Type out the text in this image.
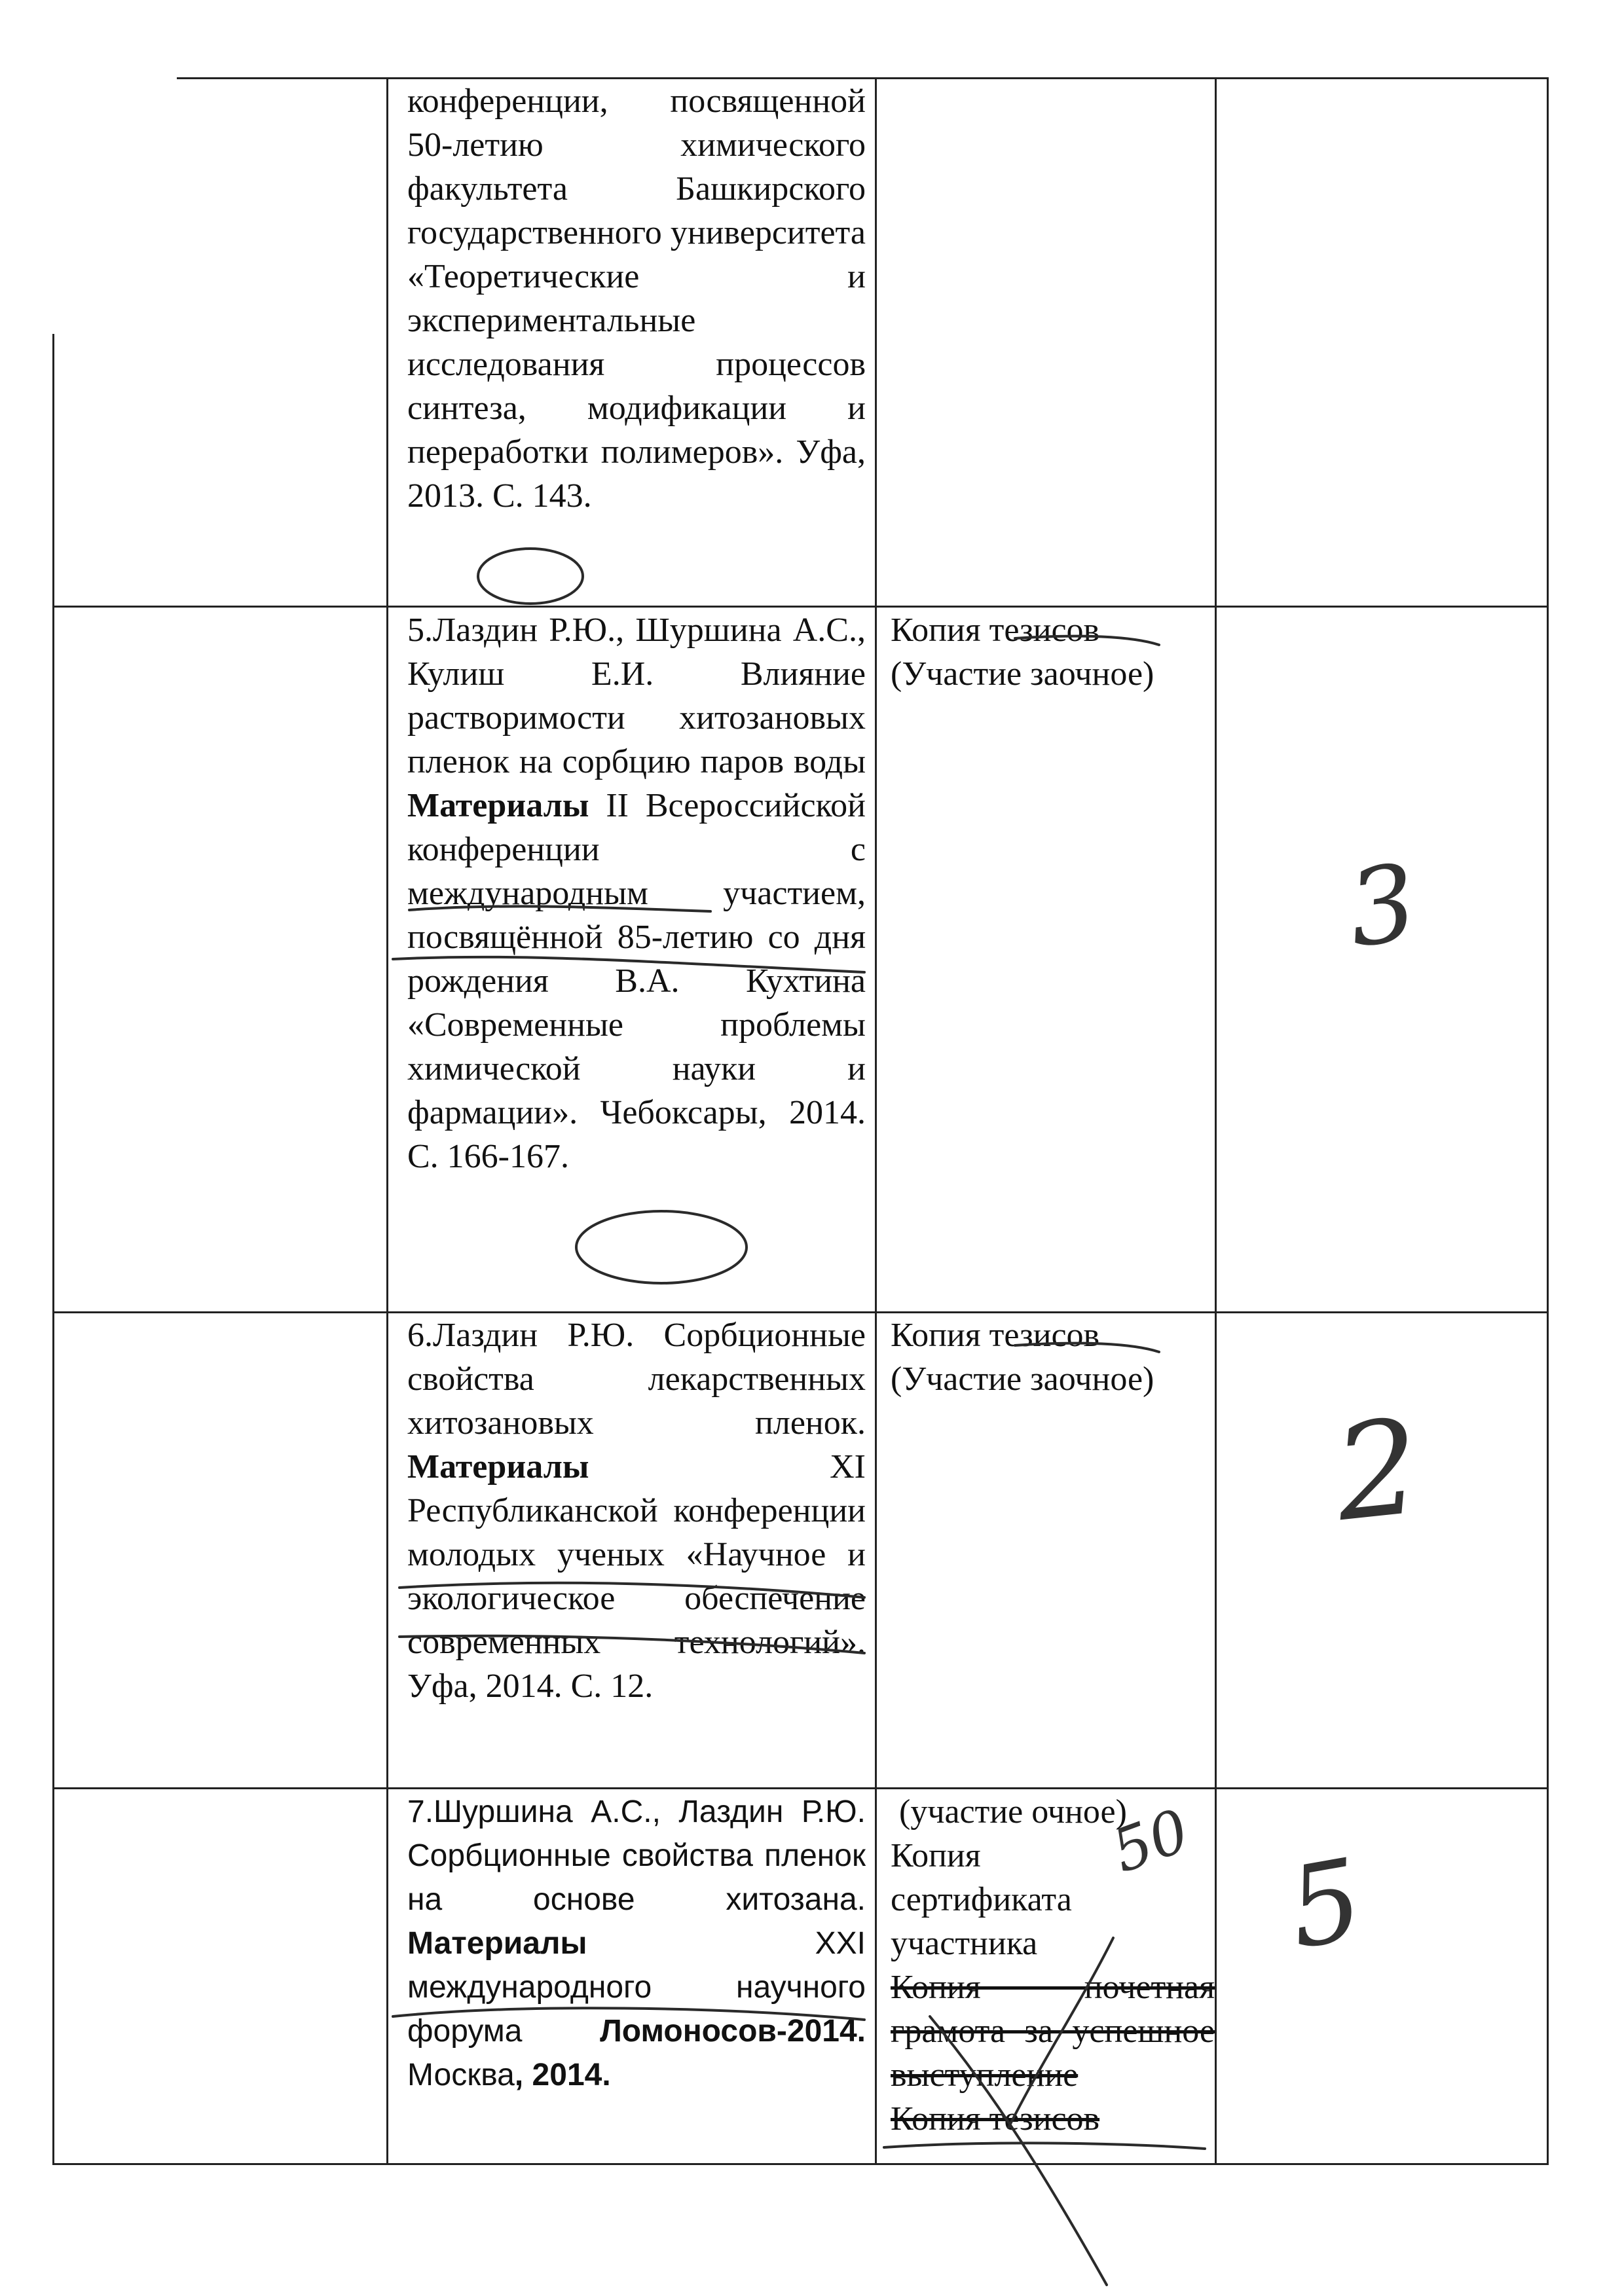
конференции, посвященной 50-летию химического факультета Башкирского государственного университета «Теоретические и экспериментальные исследования процессов синтеза, модификации и переработки полимеров». Уфа, 2013. С. 143.
5.Лаздин Р.Ю., Шуршина А.С., Кулиш Е.И. Влияние растворимости хитозановых пленок на сорбцию паров воды Материалы II Всероссийской конференции с международным участием, посвящённой 85-летию со дня рождения В.А. Кухтина «Современные проблемы химической науки и фармации». Чебоксары, 2014. С. 166-167.
Копия тезисов
(Участие заочное)
6.Лаздин Р.Ю. Сорбционные свойства лекарственных хитозановых пленок. Материалы XI Республиканской конференции молодых ученых «Научное и экологическое обеспечение современных технологий». Уфа, 2014. С. 12.
Копия тезисов
(Участие заочное)
7.Шуршина А.С., Лаздин Р.Ю. Сорбционные свойства пленок на основе хитозана. Материалы XXI международного научного форума Ломоносов-2014. Москва, 2014.
(участие очное)
Копия сертификата участника
Копия почетная грамота за успешное выступление
Копия тезисов
3
2
5
50
